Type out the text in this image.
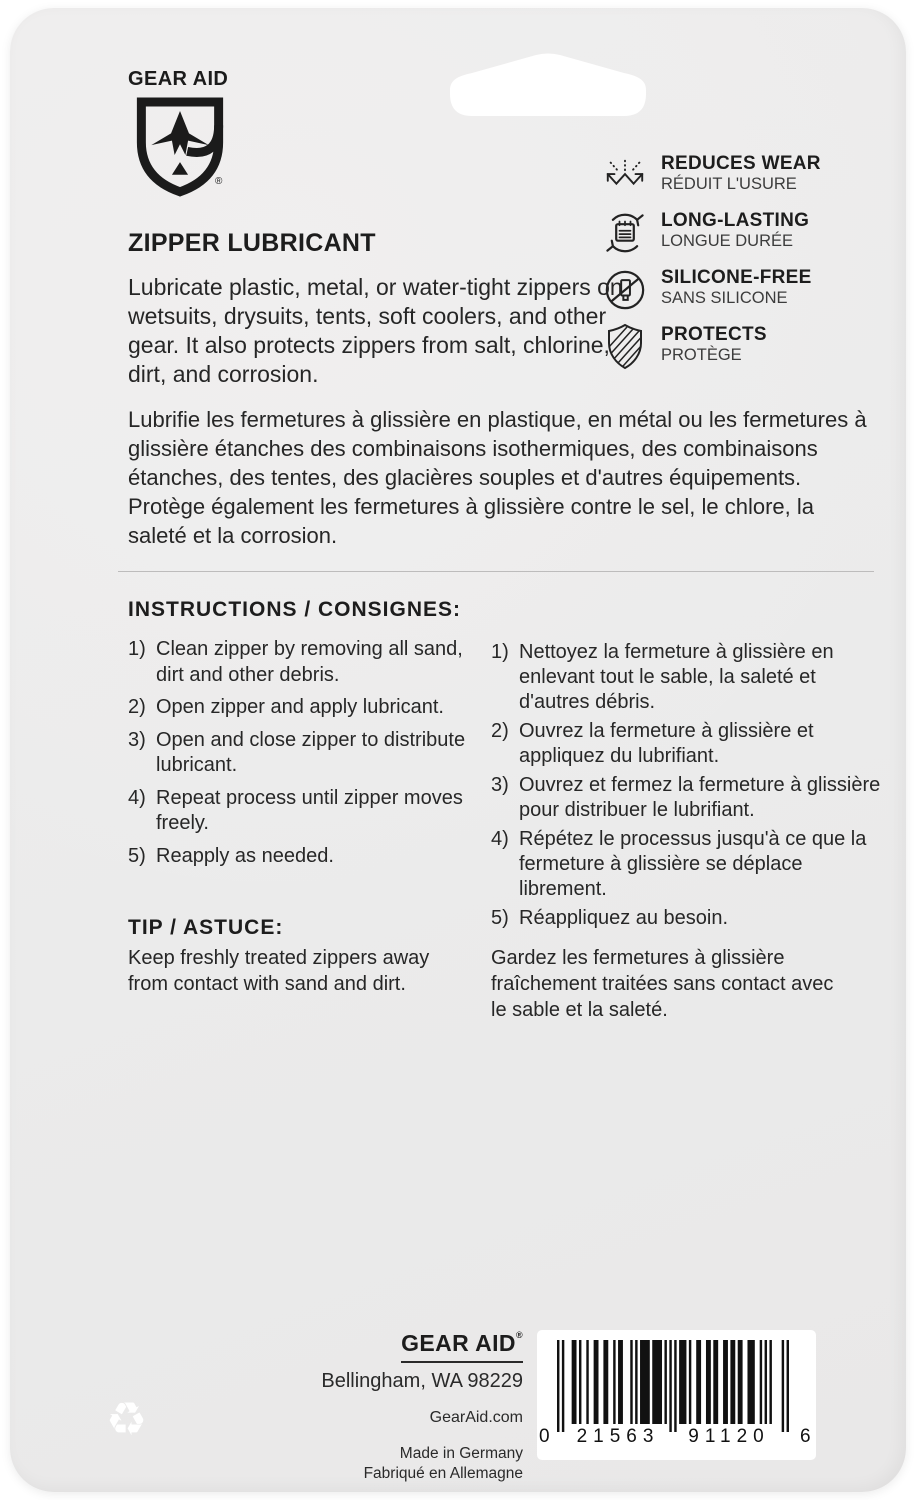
GEAR AID
®
REDUCES WEAR
RÉDUIT L'USURE
LONG-LASTING
LONGUE DURÉE
SILICONE-FREE
SANS SILICONE
PROTECTS
PROTÈGE
ZIPPER LUBRICANT

Lubricate plastic, metal, or water-tight zippers on wetsuits, drysuits, tents, soft coolers, and other gear. It also protects zippers from salt, chlorine, dirt, and corrosion.

Lubrifie les fermetures à glissière en plastique, en métal ou les fermetures à glissière étanches des combinaisons isothermiques, des combinaisons étanches, des tentes, des glacières souples et d'autres équipements. Protège également les fermetures à glissière contre le sel, le chlore, la saleté et la corrosion.

INSTRUCTIONS / CONSIGNES:
1) Clean zipper by removing all sand, dirt and other debris.
2) Open zipper and apply lubricant.
3) Open and close zipper to distribute lubricant.
4) Repeat process until zipper moves freely.
5) Reapply as needed.
1) Nettoyez la fermeture à glissière en enlevant tout le sable, la saleté et d'autres débris.
2) Ouvrez la fermeture à glissière et appliquez du lubrifiant.
3) Ouvrez et fermez la fermeture à glissière pour distribuer le lubrifiant.
4) Répétez le processus jusqu'à ce que la fermeture à glissière se déplace librement.
5) Réappliquez au besoin.
TIP / ASTUCE:

Keep freshly treated zippers away from contact with sand and dirt.

Gardez les fermetures à glissière fraîchement traitées sans contact avec le sable et la saleté.

♻
GEAR AID®
Bellingham, WA 98229
GearAid.com
Made in Germany
Fabriqué en Allemagne
0	21563	91120	6
